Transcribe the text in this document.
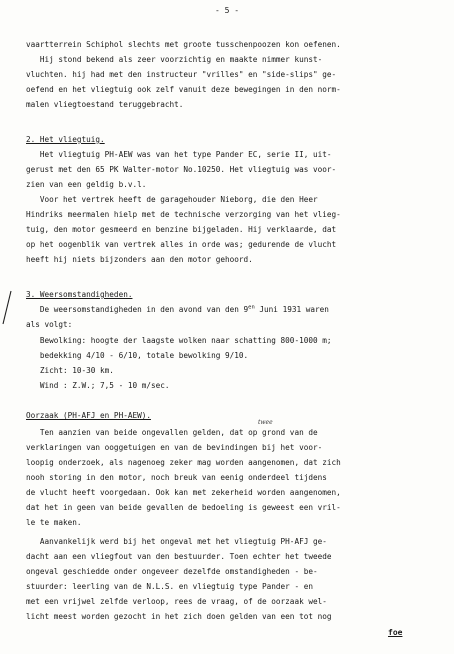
- 5 -
vaartterrein Schiphol slechts met groote tusschenpoozen kon oefenen.
Hij stond bekend als zeer voorzichtig en maakte nimmer kunst-
vluchten. hij had met den instructeur "vrilles" en "side-slips" ge-
oefend en het vliegtuig ook zelf vanuit deze bewegingen in den norm-
malen vliegtoestand teruggebracht.
2. Het vliegtuig.
Het vliegtuig PH-AEW was van het type Pander EC, serie II, uit-
gerust met den 65 PK Walter-motor No.10250. Het vliegtuig was voor-
zien van een geldig b.v.l.
Voor het vertrek heeft de garagehouder Nieborg, die den Heer
Hindriks meermalen hielp met de technische verzorging van het vlieg-
tuig, den motor gesmeerd en benzine bijgeladen. Hij verklaarde, dat
op het oogenblik van vertrek alles in orde was; gedurende de vlucht
heeft hij niets bijzonders aan den motor gehoord.
3. Weersomstandigheden.
De weersomstandigheden in den avond van den $9^{en}$ Juni 1931 waren
als volgt:
Bewolking: hoogte der laagste wolken naar schatting 800-1000 m;
bedekking 4/10 - 6/10, totale bewolking 9/10.
Zicht: 10-30 km.
Wind : Z.W.; 7,5 - 10 m/sec.
Oorzaak (PH-AFJ en PH-AEW).
twee
Ten aanzien van beide ongevallen gelden, dat op grond van de
verklaringen van ooggetuigen en van de bevindingen bij het voor-
loopig onderzoek, als nagenoeg zeker mag worden aangenomen, dat zich
nooh storing in den motor, noch breuk van eenig onderdeel tijdens
de vlucht heeft voorgedaan. Ook kan met zekerheid worden aangenomen,
dat het in geen van beide gevallen de bedoeling is geweest een vril-
le te maken.
Aanvankelijk werd bij het ongeval met het vliegtuig PH-AFJ ge-
dacht aan een vliegfout van den bestuurder. Toen echter het tweede
ongeval geschiedde onder ongeveer dezelfde omstandigheden - be-
stuurder: leerling van de N.L.S. en vliegtuig type Pander - en
met een vrijwel zelfde verloop, rees de vraag, of de oorzaak wel-
licht meest worden gezocht in het zich doen gelden van een tot nog
foe
